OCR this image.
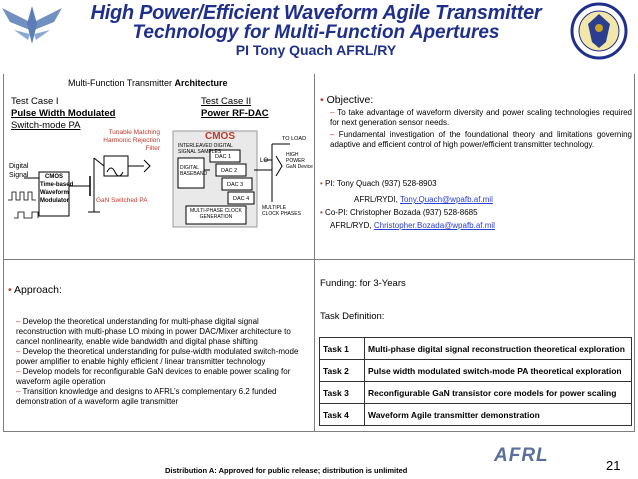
High Power/Efficient Waveform Agile Transmitter
Technology for Multi-Function Apertures
PI Tony Quach AFRL/RY
Multi-Function Transmitter Architecture
Test Case I
Pulse Width Modulated
Switch-mode PA
Test Case II
Power RF-DAC
Tunable Matching
Harmonic Rejection
Filter
Digital
Signal	CMOS
Time-based
Waveform
Modulator	GaN Switched PA
CMOS
INTERLEAVED DIGITAL
SIGNAL SAMPLES
DIGITAL
BASEBAND
DAC 1
DAC 2
DAC 3
DAC 4
MULTI-PHASE CLOCK
GENERATION
LO
TO LOAD
HIGH
POWER
GaN Device
MULTIPLE
CLOCK PHASES
• Objective:
– To take advantage of waveform diversity and power scaling technologies required for next generation sensor needs.
– Fundamental investigation of the foundational theory and limitations governing adaptive and efficient control of high power/efficient transmitter technology.
• PI: Tony Quach (937) 528-8903
AFRL/RYDI, Tony.Quach@wpafb.af.mil
• Co-PI: Christopher Bozada (937) 528-8685
AFRL/RYD, Christopher.Bozada@wpafb.af.mil
• Approach:
– Develop the theoretical understanding for multi-phase digital signal reconstruction with multi-phase LO mixing in power DAC/Mixer architecture to cancel nonlinearity, enable wide bandwidth and digital phase shifting
– Develop the theoretical understanding for pulse-width modulated switch-mode power amplifier to enable highly efficient / linear transmitter technology
– Develop models for reconfigurable GaN devices to enable power scaling for waveform agile operation
– Transition knowledge and designs to AFRL’s complementary 6.2 funded demonstration of a waveform agile transmitter
Funding: for 3-Years
Task Definition:
Task 1	Multi-phase digital signal reconstruction theoretical exploration
Task 2	Pulse width modulated switch-mode PA theoretical exploration
Task 3	Reconfigurable GaN transistor core models for power scaling
Task 4	Waveform Agile transmitter demonstration
Distribution A: Approved for public release; distribution is unlimited
AFRL	21
